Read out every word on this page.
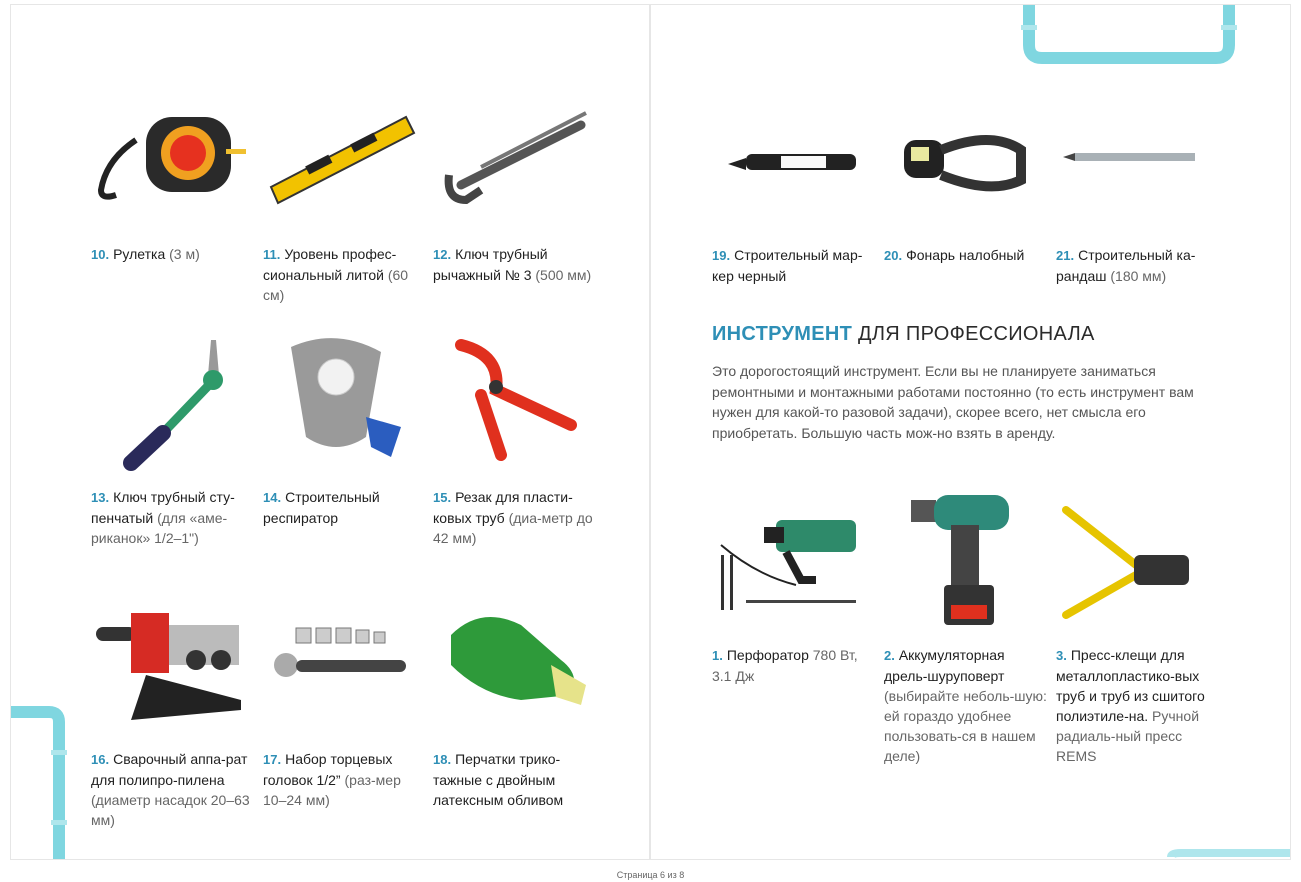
10. Рулетка (3 м)	11. Уровень профес-сиональный литой (60 см)
12. Ключ трубный рычажный № 3 (500 мм)
13. Ключ трубный сту-пенчатый (для «аме-риканок» 1/2–1")
14. Строительный респиратор
15. Резак для пласти-ковых труб (диа-метр до 42 мм)
16. Сварочный аппа-рат для полипро-пилена (диаметр насадок 20–63 мм)
17. Набор торцевых головок 1/2” (раз-мер 10–24 мм)
18. Перчатки трико-тажные с двойным латексным обливом
19. Строительный мар-кер черный
20. Фонарь налобный	21. Строительный ка-рандаш (180 мм)
ИНСТРУМЕНТ ДЛЯ ПРОФЕССИОНАЛА

Это дорогостоящий инструмент. Если вы не планируете заниматься ремонтными и монтажными работами постоянно (то есть инструмент вам нужен для какой-то разовой задачи), скорее всего, нет смысла его приобретать. Большую часть мож-но взять в аренду.

1. Перфоратор 780 Вт, 3.1 Дж
2. Аккумуляторная дрель-шуруповерт (выбирайте неболь-шую: ей гораздо удобнее пользовать-ся в нашем деле)
3. Пресс-клещи для металлопластико-вых труб и труб из сшитого полиэтиле-на. Ручной радиаль-ный пресс REMS
Страница 6 из 8
